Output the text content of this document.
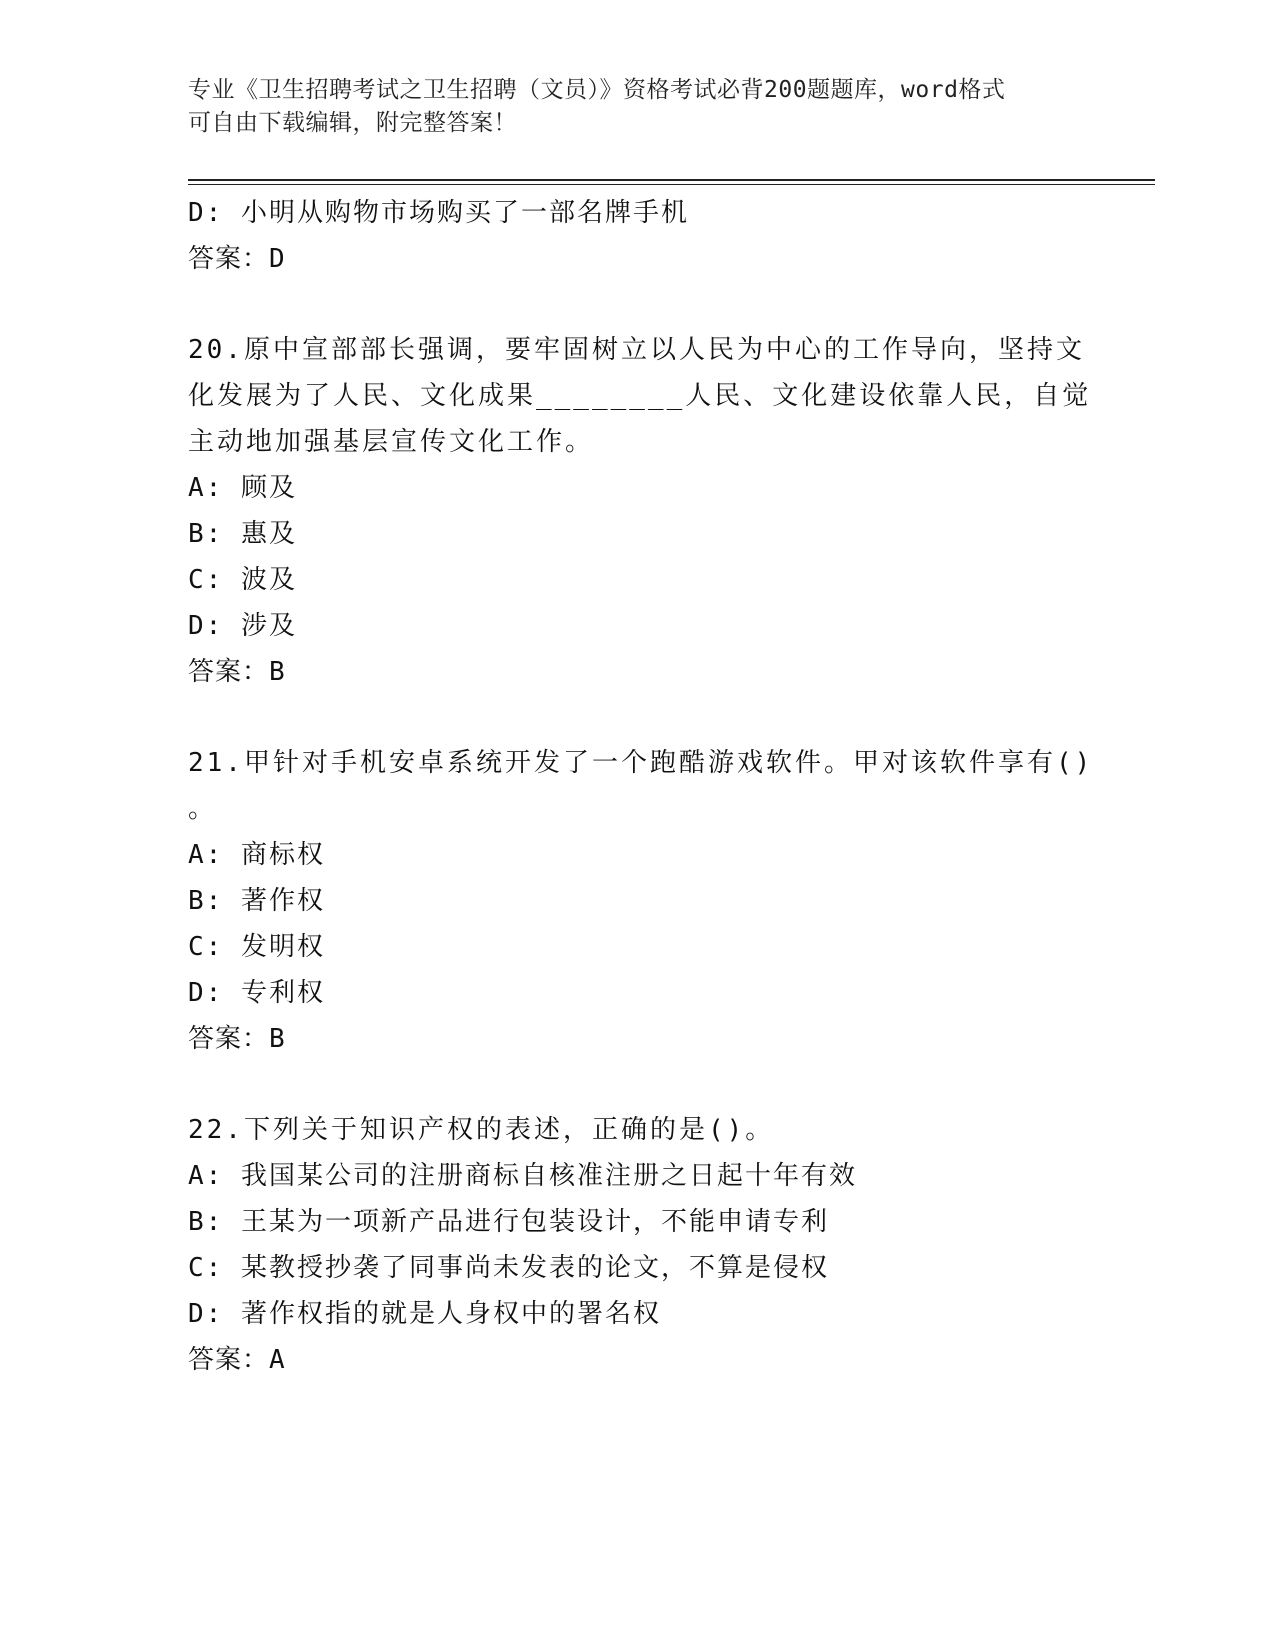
专业《卫生招聘考试之卫生招聘（文员）》资格考试必背200题题库，word格式
可自由下载编辑，附完整答案！
D: 小明从购物市场购买了一部名牌手机
答案：D
20.原中宣部部长强调，要牢固树立以人民为中心的工作导向，坚持文
化发展为了人民、文化成果________人民、文化建设依靠人民，自觉
主动地加强基层宣传文化工作。
A: 顾及
B: 惠及
C: 波及
D: 涉及
答案：B
21.甲针对手机安卓系统开发了一个跑酷游戏软件。甲对该软件享有()
。
A: 商标权
B: 著作权
C: 发明权
D: 专利权
答案：B
22.下列关于知识产权的表述，正确的是()。
A: 我国某公司的注册商标自核准注册之日起十年有效
B: 王某为一项新产品进行包装设计，不能申请专利
C: 某教授抄袭了同事尚未发表的论文，不算是侵权
D: 著作权指的就是人身权中的署名权
答案：A
